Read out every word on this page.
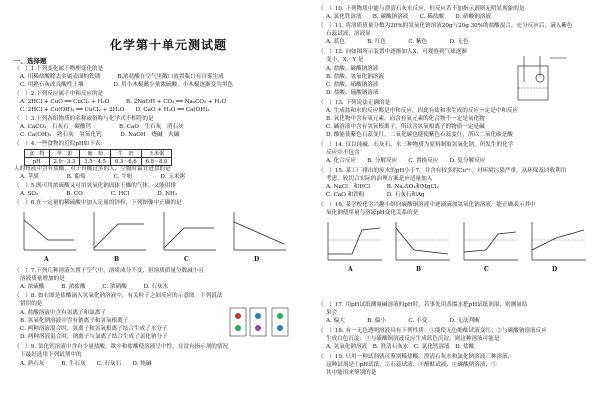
化学第十单元测试题
一、选择题
（　）1.下列变化属于物理变化的是
A. 用稀盐酸除去金属表面的铁锈　　　B.浓盐酸在空气里敞口放置瓶口有白雾生成
C. 用熟石灰改良酸性土壤　　　　　 D. 用小木棍蘸少量浓硫酸，小木棍逐渐变为黑色
（　）2.下列反应属于中和反应的是
A. 2HCl + CuO ══ CuCl₂ + H₂O　　　B. 2NaOH + CO₂ ══ Na₂CO₃ + H₂O
C. 2HCl + Cu(OH)₂ ══ CuCl₂ + 2H₂O　　D. CaO + H₂O ══ Ca(OH)₂
（　）3.下列各组物质的名称或俗称与化学式不相符的是
A. CaCO₃　石灰石　碳酸钙　　　　　B. CaO　生石灰　消石灰
C. Ca(OH)₂　熟石灰　氢氧化钙　　　 D. NaOH　烧碱　火碱
（　）4.一些食物的近似pH如下表：
食　物	苹　果	葡　萄	牛　奶	玉米粥
pH	2.9～3.3	3.5～4.5	6.3～6.6	6.8～8.0
人的胃液中含有盐酸，对于胃酸过多的人，空腹时最宜进食的是
A. 苹果　　　　　B. 葡萄　　　　　C. 牛奶　　　　　D. 玉米粥
（　）5.既可用浓硫酸又可用氢氧化钠固体干燥的气体，又能用排
A. SO₂　　　　　B. CO　　　　　C. HCl　　　　　D. NH₃
（　）6.在一定量的稀硫酸中加入足量的锌粒，下列图像中正确的是
A	B	C	D
（　）7.下列几种溶液久置于空气中，溶质成分不变，但溶质质量分数减小且
溶液质量增加的是
A. 浓硫酸　　　B. 浓盐酸　　　C. 浓硝酸　　　D. 石灰水
（　）8. 如右图是盐酸滴入氢氧化钠溶液中，有关粒子之间反应的示意图。下列说法
错误的是
A. 盐酸溶液中含有氢离子和氯离子
B. 氢氧化钠溶液中含有钠离子和氢氧根离子
C. 两种溶液混合时，氢离子和氢氧根离子结合生成了水分子
D. 两种溶液混合时，钠离子与氯离子结合生成了氯化钠分子
（　）9. 氯化钙溶液中含有少量盐酸，欲中和盐酸使溶液呈中性，在没有指示剂的情况
下最好选用下列试剂中的
A. 熟石灰　　　B. 生石灰　　C. 石灰石　　D. 纯碱
（　）10. 下列物质中能与澄清石灰水反应，但反应若不加指示剂则无明显现象的是
A. 氯化铁溶液　　B. 碳酸钠溶液　　C. 稀盐酸　　D. 硝酸钠溶液
（　）11. 将溶质质量分数为20%的氢氧化钠溶液20g与20g 30%的盐酸混合，充分反应后，滴入紫色
石蕊试液，溶液显
A. 蓝色　　　　B. 红色　　　　C. 紫色　　　　D. 无色
（　）12. 向如图所示装置中逐渐加入X，可观察到气球逐渐
变小，X、Y 是
A. 盐酸、碳酸钠溶液
B. 盐酸、氢氧化钠溶液
C. 盐酸、硝酸钠溶液
D. 盐酸、硫酸钠溶液
（　）13. 下列说法正确的是
A. 生成盐和水的反应都是中和反应，因此有盐和水生成的反应一定是中和反应
B. 氧化物中含有氧元素，而含有氧元素的化合物不一定是氧化物
C. 碱溶液中含有氢氧根离子，所以含氢氧根离子的物质一定是碱
D. 酸能使紫色石蕊变红，二氧化碳也能使紫色石蕊变红，所以二氧化碳是酸
（　）14. 仅以纯碱、石灰石、水三种物质为原料制取氢氧化钠，所发生的化学
反应中不包含
A. 化合反应　　B. 分解反应　　C. 置换反应　　D. 复分解反应
（　）15. 某工厂排出的废水的pH小于7，并含有较多的Cu²⁺，对环境污染严重。从环保及回收利用
考虑，较切合实际的治理方案是应适量加入
A. NaCl　和HCl　　　B. Na₂SO₄和MgCl₂
C. CaO 和铁粉　　　　D. 石灰石和Ag
（　）16. 某学校化学兴趣小组向硫酸铜溶液中逐滴滴加氢氧化钠溶液，能正确表示其中
氧化钠使用量与溶液pH变化关系的是
A	B	C	D
（　）17. 用pH试纸测量碱溶液的pH时，若事先用蒸馏水把pH试纸润湿，则测量结
果会
A. 偏大　　　　B. 偏小　　　　C. 不变　　　　D. 无法判断
（　）18. 有一无色透明溶液具有下列性质：①能使无色酚酞试液变红；②与碳酸钠溶液反应
生成白色沉淀；③与硫酸铜溶液反应生成蓝色沉淀，则这种溶液可能是
A. 氢氧化钠溶液　B. 澄清石灰水　C. 氯化钙溶液　D. 盐酸
（　）19. 只用一种试剂就可鉴别稀盐酸、澄清石灰水和氯化钠溶液三种溶液，
这种试剂是①pH试纸、②石蕊试液、③酚酞试液、④碳酸钠溶液、⑤
其中能用来鉴别的是
